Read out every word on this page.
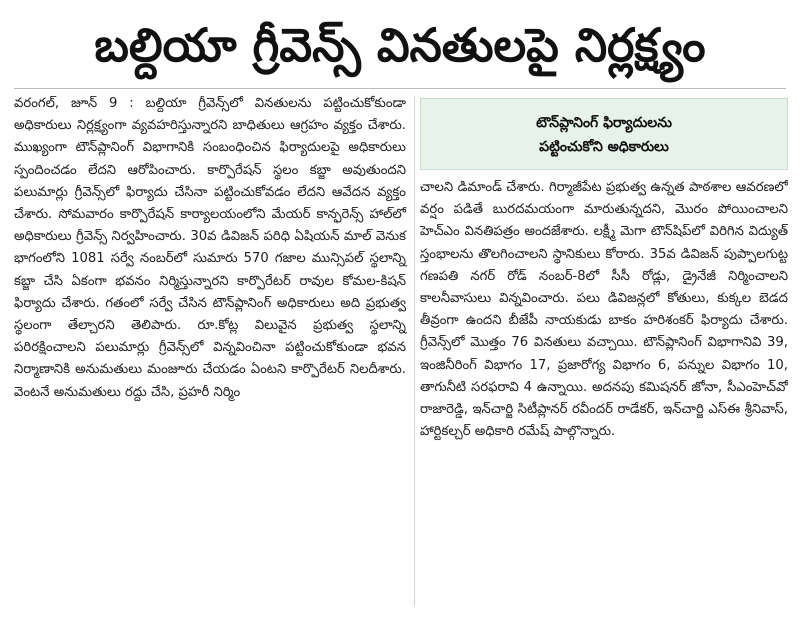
బల్దియా గ్రీవెన్స్ వినతులపై నిర్లక్ష్యం

వరంగల్, జూన్ 9 : బల్దియా గ్రీవెన్స్‌లో వినతులను పట్టించుకోకుండా అధికారులు నిర్లక్ష్యంగా వ్యవహరిస్తున్నారని బాధితులు ఆగ్రహం వ్యక్తం చేశారు. ముఖ్యంగా టౌన్‌ప్లానింగ్ విభాగానికి సంబంధించిన ఫిర్యాదులపై అధికారులు స్పందించడం లేదని ఆరోపించారు. కార్పొరేషన్ స్థలం కబ్జా అవుతుందని పలుమార్లు గ్రీవెన్స్‌లో ఫిర్యాదు చేసినా పట్టించుకోవడం లేదని ఆవేదన వ్యక్తం చేశారు. సోమవారం కార్పొరేషన్ కార్యాలయంలోని మేయర్ కాన్ఫరెన్స్ హాల్‌లో అధికారులు గ్రీవెన్స్ నిర్వహించారు. 30వ డివిజన్ పరిధి ఏషియన్ మాల్ వెనుక భాగంలోని 1081 సర్వే నంబర్‌లో సుమారు 570 గజాల మున్సిపల్ స్థలాన్ని కబ్జా చేసి ఏకంగా భవనం నిర్మిస్తున్నారని కార్పొరేటర్ రావుల కోమల-కిషన్ ఫిర్యాదు చేశారు. గతంలో సర్వే చేసిన టౌన్‌ప్లానింగ్ అధికారులు అది ప్రభుత్వ స్థలంగా తేల్చారని తెలిపారు. రూ.కోట్ల విలువైన ప్రభుత్వ స్థలాన్ని పరిరక్షించాలని పలుమార్లు గ్రీవెన్స్‌లో విన్నవించినా పట్టించుకోకుండా భవన నిర్మాణానికి అనుమతులు మంజూరు చేయడం ఏంటని కార్పొరేటర్ నిలదీశారు. వెంటనే అనుమతులు రద్దు చేసి, ప్రహరీ నిర్మిం

టౌన్‌ప్లానింగ్ ఫిర్యాదులను
పట్టించుకోని అధికారులు

చాలని డిమాండ్ చేశారు. గిర్మాజీపేట ప్రభుత్వ ఉన్నత పాఠశాల ఆవరణలో వర్షం పడితే బురదమయంగా మారుతున్నదని, మొరం పోయించాలని హెచ్‌ఎం వినతిపత్రం అందజేశారు. లక్ష్మీ మెగా టౌన్‌షిప్‌లో విరిగిన విద్యుత్ స్తంభాలను తొలగించాలని స్థానికులు కోరారు. 35వ డివిజన్ పుప్పాలగుట్ట గణపతి నగర్ రోడ్ నంబర్-8లో సీసీ రోడ్లు, డ్రైనేజీ నిర్మించాలని కాలనీవాసులు విన్నవించారు. పలు డివిజన్లలో కోతులు, కుక్కల బెడద తీవ్రంగా ఉందని బీజేపీ నాయకుడు బాకం హరిశంకర్ ఫిర్యాదు చేశారు. గ్రీవెన్స్‌లో మొత్తం 76 వినతులు వచ్చాయి. టౌన్‌ప్లానింగ్ విభాగానివి 39, ఇంజినీరింగ్ విభాగం 17, ప్రజారోగ్య విభాగం 6, పన్నుల విభాగం 10, తాగునీటి సరఫరావి 4 ఉన్నాయి. అదనపు కమిషనర్ జోనా, సీఎంహెచ్‌వో రాజారెడ్డి, ఇన్‌చార్జి సిటీప్లానర్ రవీందర్ రాడేకర్, ఇన్‌చార్జి ఎస్ఈ శ్రీనివాస్, హార్టికల్చర్ అధికారి రమేష్ పాల్గొన్నారు.
